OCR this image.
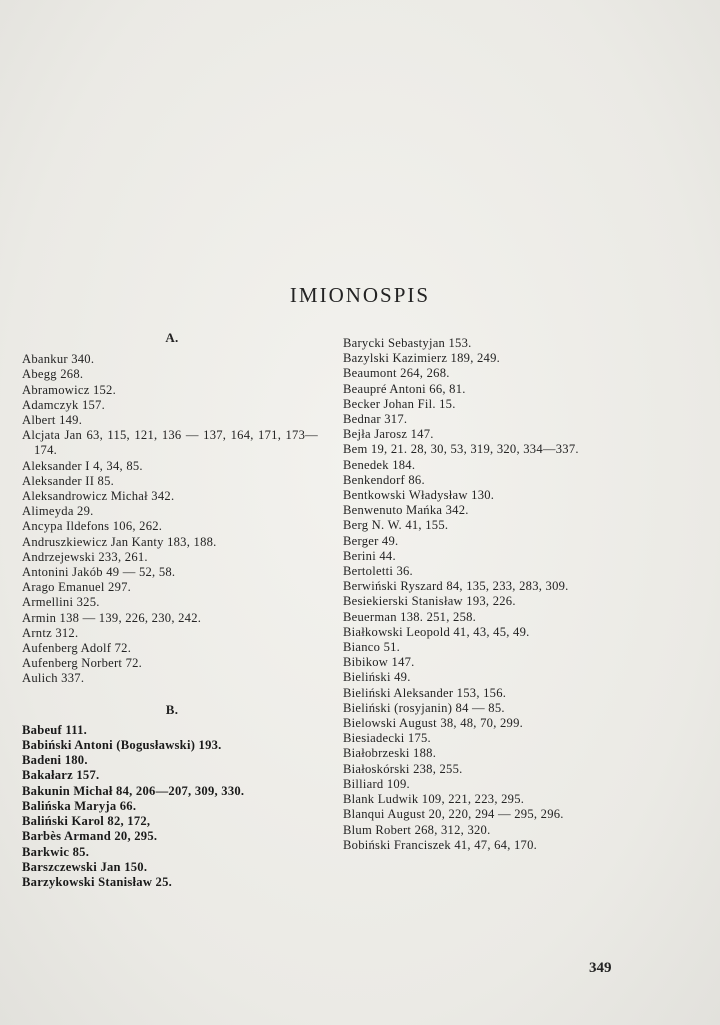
IMIONOSPIS
A.
Abankur 340.
Abegg 268.
Abramowicz 152.
Adamczyk 157.
Albert 149.
Alcjata Jan 63, 115, 121, 136 — 137, 164, 171, 173—174.
Aleksander I 4, 34, 85.
Aleksander II 85.
Aleksandrowicz Michał 342.
Alimeyda 29.
Ancypa Ildefons 106, 262.
Andruszkiewicz Jan Kanty 183, 188.
Andrzejewski 233, 261.
Antonini Jakób 49 — 52, 58.
Arago Emanuel 297.
Armellini 325.
Armin 138 — 139, 226, 230, 242.
Arntz 312.
Aufenberg Adolf 72.
Aufenberg Norbert 72.
Aulich 337.
B.
Babeuf 111.
Babiński Antoni (Bogusławski) 193.
Badeni 180.
Bakałarz 157.
Bakunin Michał 84, 206—207, 309, 330.
Balińska Maryja 66.
Baliński Karol 82, 172,
Barbès Armand 20, 295.
Barkwic 85.
Barszczewski Jan 150.
Barzykowski Stanisław 25.
Barycki Sebastyjan 153.
Bazylski Kazimierz 189, 249.
Beaumont 264, 268.
Beaupré Antoni 66, 81.
Becker Johan Fil. 15.
Bednar 317.
Bejła Jarosz 147.
Bem 19, 21. 28, 30, 53, 319, 320, 334—337.
Benedek 184.
Benkendorf 86.
Bentkowski Władysław 130.
Benwenuto Mańka 342.
Berg N. W. 41, 155.
Berger 49.
Berini 44.
Bertoletti 36.
Berwiński Ryszard 84, 135, 233, 283, 309.
Besiekierski Stanisław 193, 226.
Beuerman 138. 251, 258.
Białkowski Leopold 41, 43, 45, 49.
Bianco 51.
Bibikow 147.
Bieliński 49.
Bieliński Aleksander 153, 156.
Bieliński (rosyjanin) 84 — 85.
Bielowski August 38, 48, 70, 299.
Biesiadecki 175.
Białobrzeski 188.
Białoskórski 238, 255.
Billiard 109.
Blank Ludwik 109, 221, 223, 295.
Blanqui August 20, 220, 294 — 295, 296.
Blum Robert 268, 312, 320.
Bobiński Franciszek 41, 47, 64, 170.
349
